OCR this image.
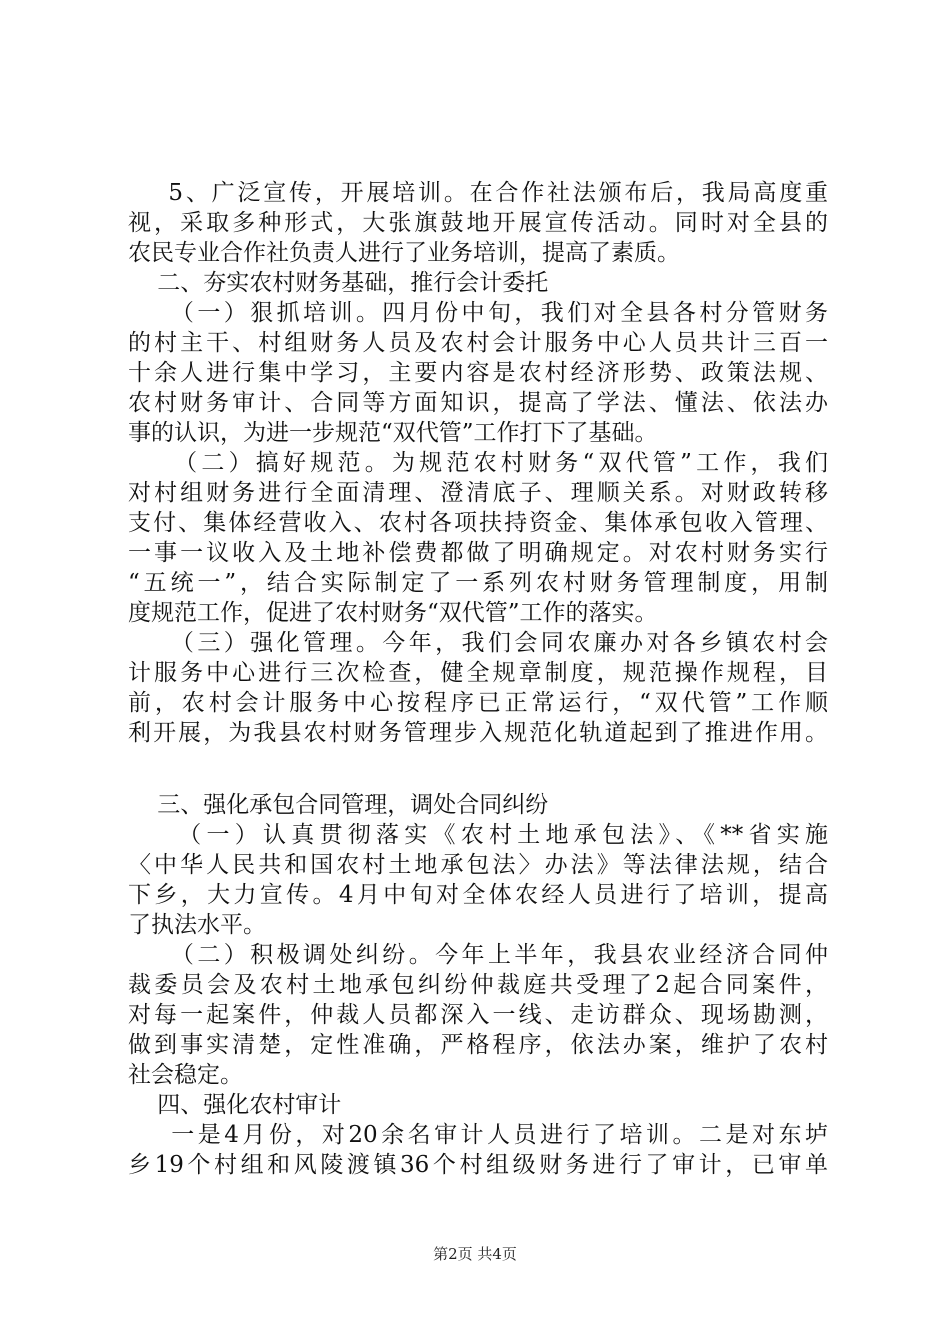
5、广泛宣传，开展培训。在合作社法颁布后，我局高度重
视，采取多种形式，大张旗鼓地开展宣传活动。同时对全县的
农民专业合作社负责人进行了业务培训，提高了素质。
二、夯实农村财务基础，推行会计委托
（一）狠抓培训。四月份中旬，我们对全县各村分管财务
的村主干、村组财务人员及农村会计服务中心人员共计三百一
十余人进行集中学习，主要内容是农村经济形势、政策法规、
农村财务审计、合同等方面知识，提高了学法、懂法、依法办
事的认识，为进一步规范“双代管”工作打下了基础。
（二）搞好规范。为规范农村财务“双代管”工作，我们
对村组财务进行全面清理、澄清底子、理顺关系。对财政转移
支付、集体经营收入、农村各项扶持资金、集体承包收入管理、
一事一议收入及土地补偿费都做了明确规定。对农村财务实行
“五统一”，结合实际制定了一系列农村财务管理制度，用制
度规范工作，促进了农村财务“双代管”工作的落实。
（三）强化管理。今年，我们会同农廉办对各乡镇农村会
计服务中心进行三次检查，健全规章制度，规范操作规程，目
前，农村会计服务中心按程序已正常运行，“双代管”工作顺
利开展，为我县农村财务管理步入规范化轨道起到了推进作用。
三、强化承包合同管理，调处合同纠纷
（一）认真贯彻落实《农村土地承包法》、《**省实施
〈中华人民共和国农村土地承包法〉办法》等法律法规，结合
下乡，大力宣传。4月中旬对全体农经人员进行了培训，提高
了执法水平。
（二）积极调处纠纷。今年上半年，我县农业经济合同仲
裁委员会及农村土地承包纠纷仲裁庭共受理了2起合同案件，
对每一起案件，仲裁人员都深入一线、走访群众、现场勘测，
做到事实清楚，定性准确，严格程序，依法办案，维护了农村
社会稳定。
四、强化农村审计
一是4月份，对20余名审计人员进行了培训。二是对东垆
乡19个村组和风陵渡镇36个村组级财务进行了审计，已审单
第2页 共4页
